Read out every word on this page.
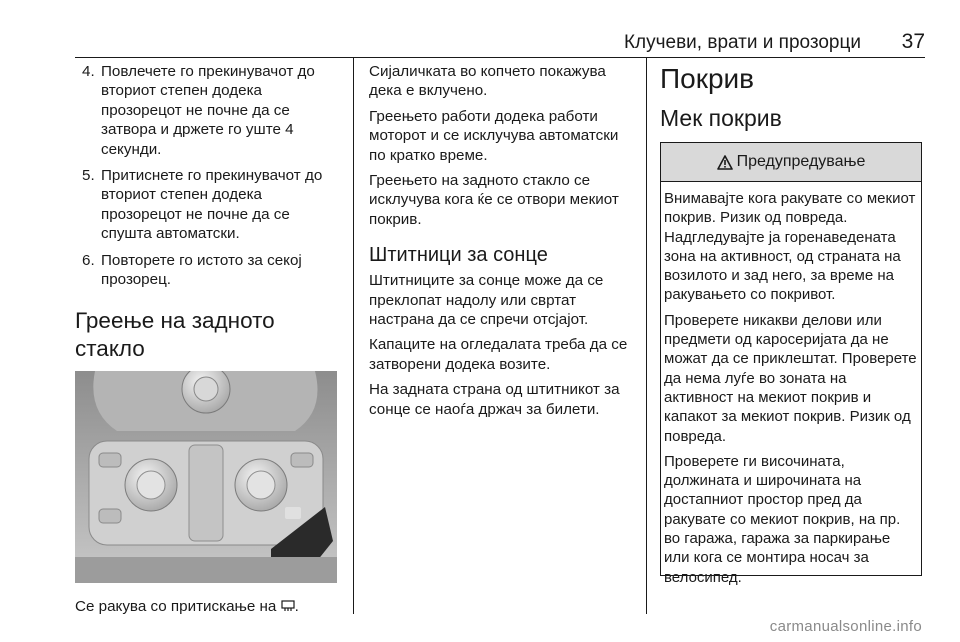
Клучеви, врати и прозорци 37
4. Повлечете го прекинувачот до вториот степен додека прозорецот не почне да се затвора и држете го уште 4 секунди.
5. Притиснете го прекинувачот до вториот степен додека прозорецот не почне да се спушта автоматски.
6. Повторете го истото за секој прозорец.
Греење на задното стакло

Се ракува со притискање на .

Сијаличката во копчето покажува дека е вклучено.

Греењето работи додека работи моторот и се исклучува автоматски по кратко време.

Греењето на задното стакло се исклучува кога ќе се отвори мекиот покрив.

Штитници за сонце

Штитниците за сонце може да се преклопат надолу или свртат настрана да се спречи отсјајот.

Капаците на огледалата треба да се затворени додека возите.

На задната страна од штитникот за сонце се наоѓа држач за билети.

Покрив
Мек покрив
Предупредување

Внимавајте кога ракувате со мекиот покрив. Ризик од повреда. Надгледувајте ја горенаведената зона на активност, од страната на возилото и зад него, за време на ракувањето со покривот.

Проверете никакви делови или предмети од каросеријата да не можат да се приклештат. Проверете да нема луѓе во зоната на активност на мекиот покрив и капакот за мекиот покрив. Ризик од повреда.

Проверете ги височината, должината и широчината на достапниот простор пред да ракувате со мекиот покрив, на пр. во гаража, гаража за паркирање или кога се монтира носач за велосипед.

carmanualsonline.info
